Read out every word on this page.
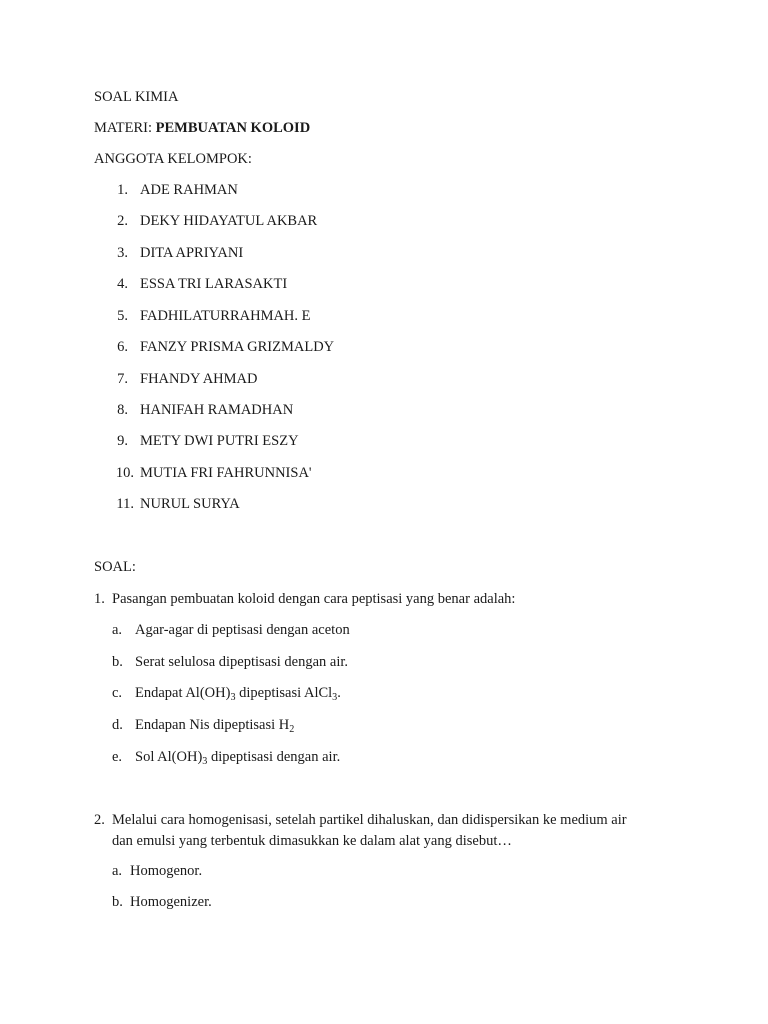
SOAL KIMIA
MATERI: PEMBUATAN KOLOID
ANGGOTA KELOMPOK:
1. ADE RAHMAN
2. DEKY HIDAYATUL AKBAR
3. DITA APRIYANI
4. ESSA TRI LARASAKTI
5. FADHILATURRAHMAH. E
6. FANZY PRISMA GRIZMALDY
7. FHANDY AHMAD
8. HANIFAH RAMADHAN
9. METY DWI PUTRI ESZY
10. MUTIA FRI FAHRUNNISA'
11. NURUL SURYA
SOAL:
1. Pasangan pembuatan koloid dengan cara peptisasi yang benar adalah:
a. Agar-agar di peptisasi dengan aceton
b. Serat selulosa dipeptisasi dengan air.
c. Endapat $Al(OH)_3$ dipeptisasi AlCl$_3$.
d. Endapan Nis dipeptisasi $H_2$
e. Sol $Al(OH)_3$ dipeptisasi dengan air.
2. Melalui cara homogenisasi, setelah partikel dihaluskan, dan didispersikan ke medium air
dan emulsi yang terbentuk dimasukkan ke dalam alat yang disebut…
a. Homogenor.
b. Homogenizer.
